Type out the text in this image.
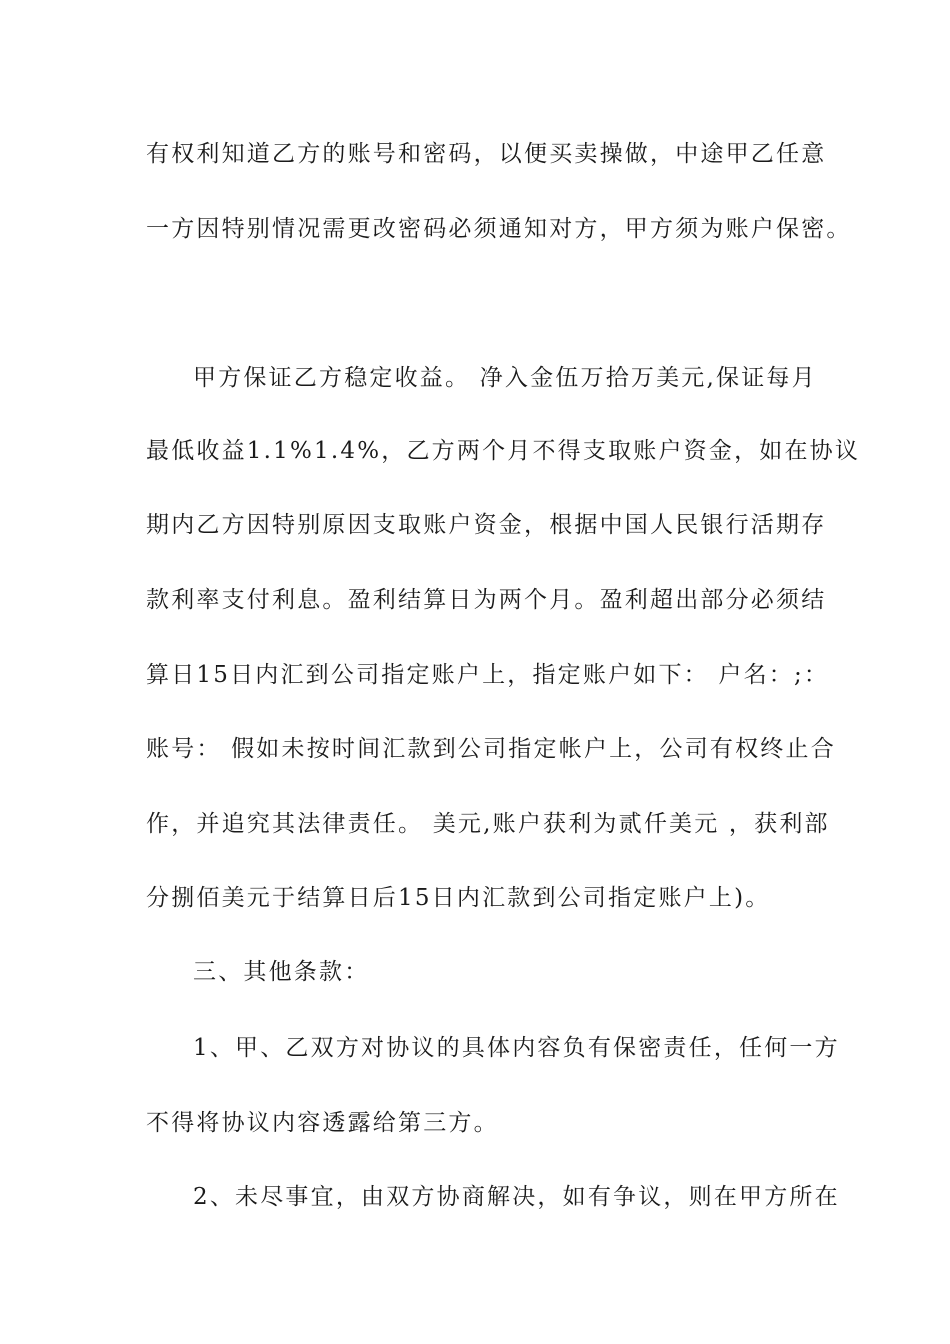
有权利知道乙方的账号和密码，以便买卖操做，中途甲乙任意
一方因特别情况需更改密码必须通知对方，甲方须为账户保密。
甲方保证乙方稳定收益。 净入金伍万拾万美元,保证每月
最低收益1.1%1.4%，乙方两个月不得支取账户资金，如在协议
期内乙方因特别原因支取账户资金，根据中国人民银行活期存
款利率支付利息。盈利结算日为两个月。盈利超出部分必须结
算日15日内汇到公司指定账户上，指定账户如下： 户名：;：
账号： 假如未按时间汇款到公司指定帐户上，公司有权终止合
作，并追究其法律责任。 美元,账户获利为贰仟美元 ，获利部
分捌佰美元于结算日后15日内汇款到公司指定账户上)。
三、其他条款：
1、甲、乙双方对协议的具体内容负有保密责任，任何一方
不得将协议内容透露给第三方。
2、未尽事宜，由双方协商解决，如有争议，则在甲方所在
